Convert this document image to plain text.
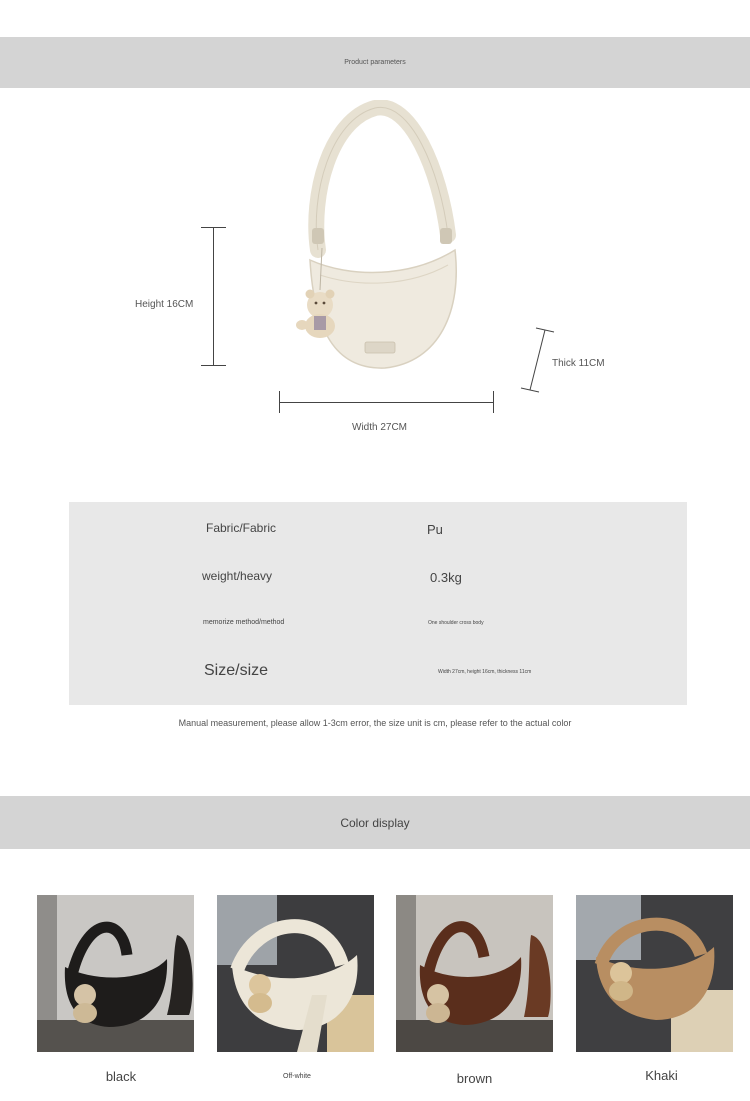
Product parameters
Height 16CM
Width 27CM
Thick 11CM
Fabric/Fabric	Pu
weight/heavy	0.3kg
memorize method/method	One shoulder cross body
Size/size	Width 27cm, height 16cm, thickness 11cm
Manual measurement, please allow 1-3cm error, the size unit is cm, please refer to the actual color
Color display
black	Off-white	brown	Khaki
